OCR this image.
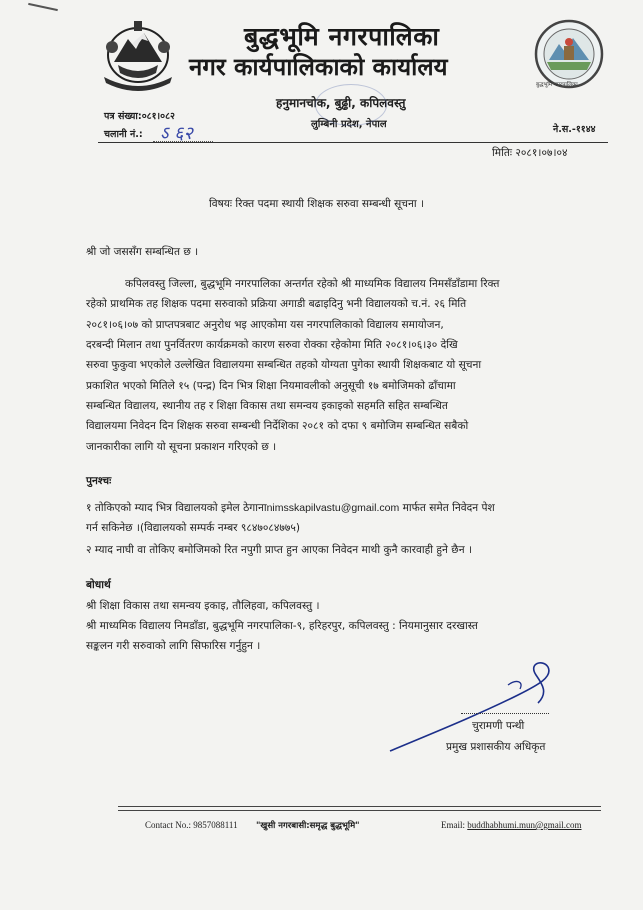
बुद्धभूमि नगरपालिका
बुद्धभूमि नगरपालिका
नगर कार्यपालिकाको कार्यालय
हनुमानचोक, बुढ्ढी, कपिलवस्तु
लुम्बिनी प्रदेश, नेपाल
पत्र संख्या:०८१।०८२
चलानी नं.: ऽ ६२	ने.स.-११४४
मितिः २०८१।०७।०४
विषयः रिक्त पदमा स्थायी शिक्षक सरुवा सम्बन्धी सूचना ।
श्री जो जससँग सम्बन्धित छ ।
कपिलवस्तु जिल्ला, बुद्धभूमि नगरपालिका अन्तर्गत रहेको श्री माध्यमिक विद्यालय निमसँडाँडामा रिक्त
रहेको प्राथमिक तह शिक्षक पदमा सरुवाको प्रक्रिया अगाडी बढाइदिनु भनी विद्यालयको च.नं. २६ मिति
२०८१।०६।०७ को प्राप्तपत्रबाट अनुरोध भइ आएकोमा यस नगरपालिकाको विद्यालय समायोजन,
दरबन्दी मिलान तथा पुनर्वितरण कार्यक्रमको कारण सरुवा रोक्का रहेकोमा मिति २०८१।०६।३० देखि
सरुवा फुकुवा भएकोले उल्लेखित विद्यालयमा सम्बन्धित तहको योग्यता पुगेका स्थायी शिक्षकबाट यो सूचना
प्रकाशित भएको मितिले १५ (पन्द्र) दिन भित्र शिक्षा नियमावलीको अनुसूची १७ बमोजिमको ढाँचामा
सम्बन्धित विद्यालय, स्थानीय तह र शिक्षा विकास तथा समन्वय इकाइको सहमति सहित सम्बन्धित
विद्यालयमा निवेदन दिन शिक्षक सरुवा सम्बन्धी निर्देशिका २०८१ को दफा ९ बमोजिम सम्बन्धित सबैको
जानकारीका लागि यो सूचना प्रकाशन गरिएको छ ।
पुनश्चः
१ तोकिएको म्याद भित्र विद्यालयको इमेल ठेगानाnimsskapilvastu@gmail.com मार्फत समेत निवेदन पेश
गर्न सकिनेछ ।(विद्यालयको सम्पर्क नम्बर ९८४७०८४७७५)
२ म्याद नाघी वा तोकिए बमोजिमको रित नपुगी प्राप्त हुन आएका निवेदन माथी कुनै कारवाही हुने छैन ।
बोधार्थ
श्री शिक्षा विकास तथा समन्वय इकाइ, तौलिहवा, कपिलवस्तु ।
श्री माध्यमिक विद्यालय निमडाँडा, बुद्धभूमि नगरपालिका-९, हरिहरपुर, कपिलवस्तु : नियमानुसार दरखास्त
सङ्कलन गरी सरुवाको लागि सिफारिस गर्नुहुन ।
चुरामणी पन्थी
प्रमुख प्रशासकीय अधिकृत
Contact No.: 9857088111 "खुसी नगरबासी:समृद्ध बुद्धभूमि"	Email: buddhabhumi.mun@gmail.com
